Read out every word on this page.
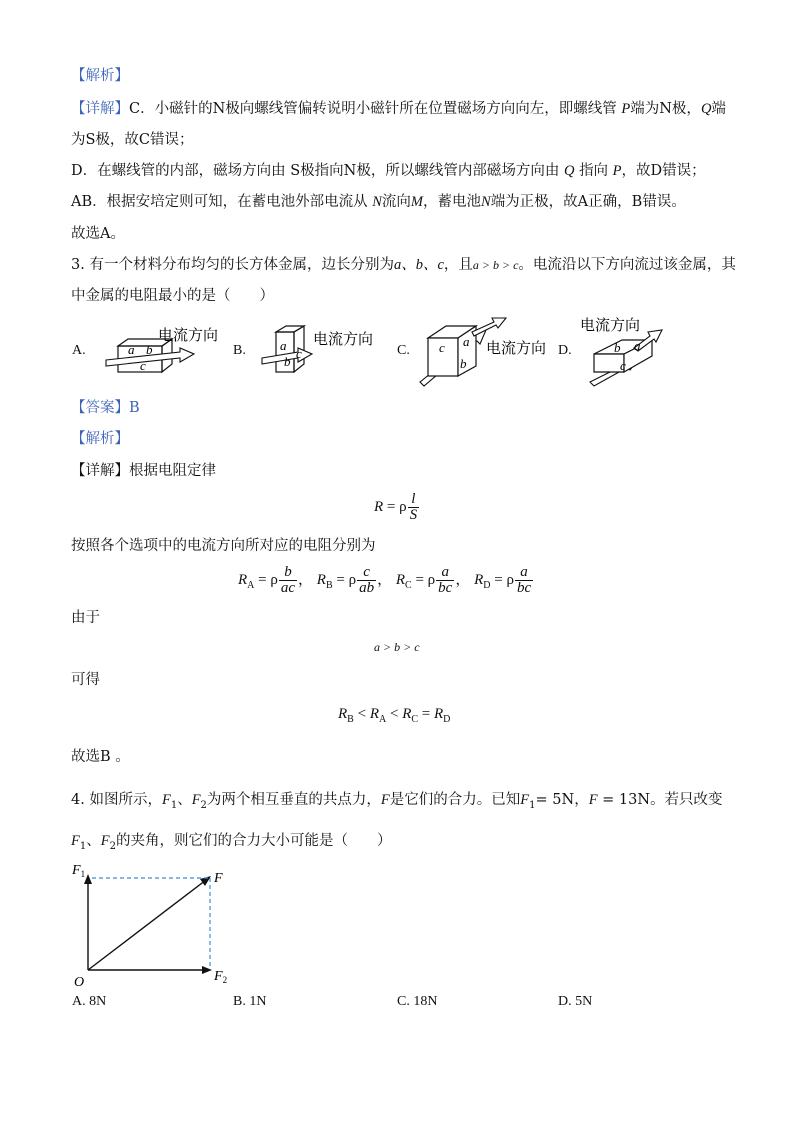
【解析】
【详解】C．小磁针的N极向螺线管偏转说明小磁针所在位置磁场方向向左，即螺线管 P端为N极，Q端
为S极，故C错误；
D．在螺线管的内部，磁场方向由 S极指向N极，所以螺线管内部磁场方向由 Q 指向 P，故D错误；
AB．根据安培定则可知，在蓄电池外部电流从 N流向M，蓄电池N端为正极，故A正确，B错误。
故选A。
3. 有一个材料分布均匀的长方体金属，边长分别为a、b、c，且a > b > c。电流沿以下方向流过该金属，其
中金属的电阻最小的是（　　）
A.	a b
c
电流方向
B.	a
b
c
电流方向
C. c a
b
电流方向 D.	b a
c
电流方向
【答案】B
【解析】
【详解】根据电阻定律
R = ρ $\frac{l}{S}$
按照各个选项中的电流方向所对应的电阻分别为
$R_A = \rho \frac{b}{ac}$ ， $R_B = \rho \frac{c}{ab}$ ， $R_C = \rho \frac{a}{bc}$ ， $R_D = \rho \frac{a}{bc}$
由于
a > b > c
可得
$R_B < R_A < R_C = R_D$
故选B 。
4. 如图所示，$F_1$、$F_2$为两个相互垂直的共点力，F是它们的合力。已知$F_1= 5N$，F = 13N。若只改变
$F_1$、$F_2$的夹角，则它们的合力大小可能是（　　）
$F_1$
$F_2$
F
O
A. 8N	B. 1N	C. 18N	D. 5N
